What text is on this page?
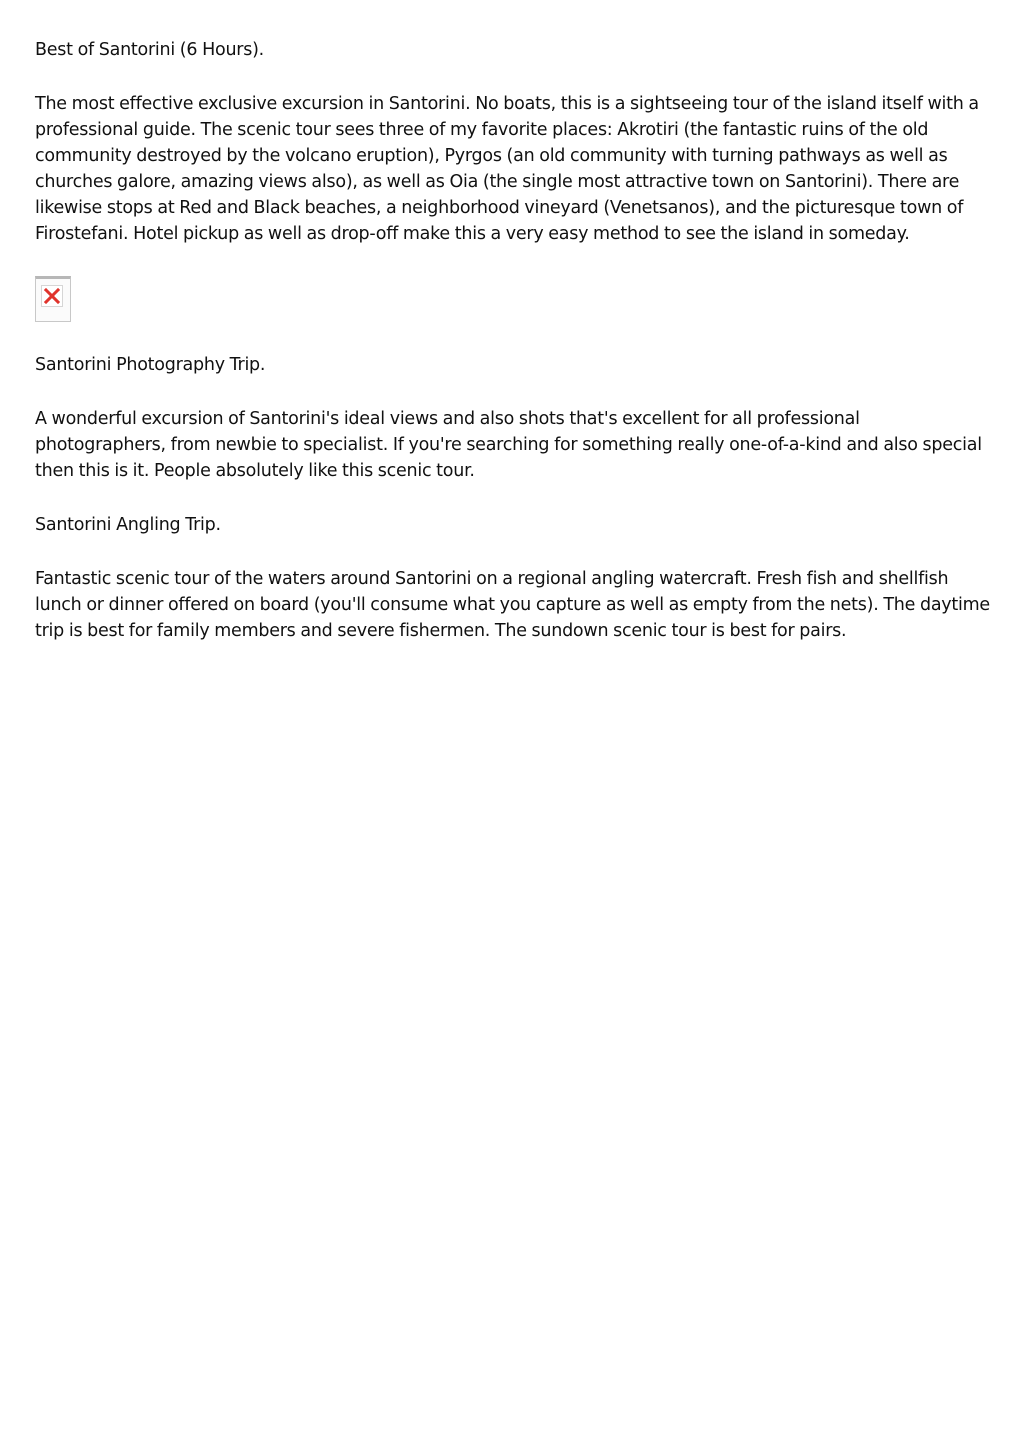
Best of Santorini (6 Hours).

The most effective exclusive excursion in Santorini. No boats, this is a sightseeing tour of the island itself with a professional guide. The scenic tour sees three of my favorite places: Akrotiri (the fantastic ruins of the old community destroyed by the volcano eruption), Pyrgos (an old community with turning pathways as well as churches galore, amazing views also), as well as Oia (the single most attractive town on Santorini). There are likewise stops at Red and Black beaches, a neighborhood vineyard (Venetsanos), and the picturesque town of Firostefani. Hotel pickup as well as drop-off make this a very easy method to see the island in someday.

Santorini Photography Trip.

A wonderful excursion of Santorini's ideal views and also shots that's excellent for all professional photographers, from newbie to specialist. If you're searching for something really one-of-a-kind and also special then this is it. People absolutely like this scenic tour.

Santorini Angling Trip.

Fantastic scenic tour of the waters around Santorini on a regional angling watercraft. Fresh fish and shellfish lunch or dinner offered on board (you'll consume what you capture as well as empty from the nets). The daytime trip is best for family members and severe fishermen. The sundown scenic tour is best for pairs.
